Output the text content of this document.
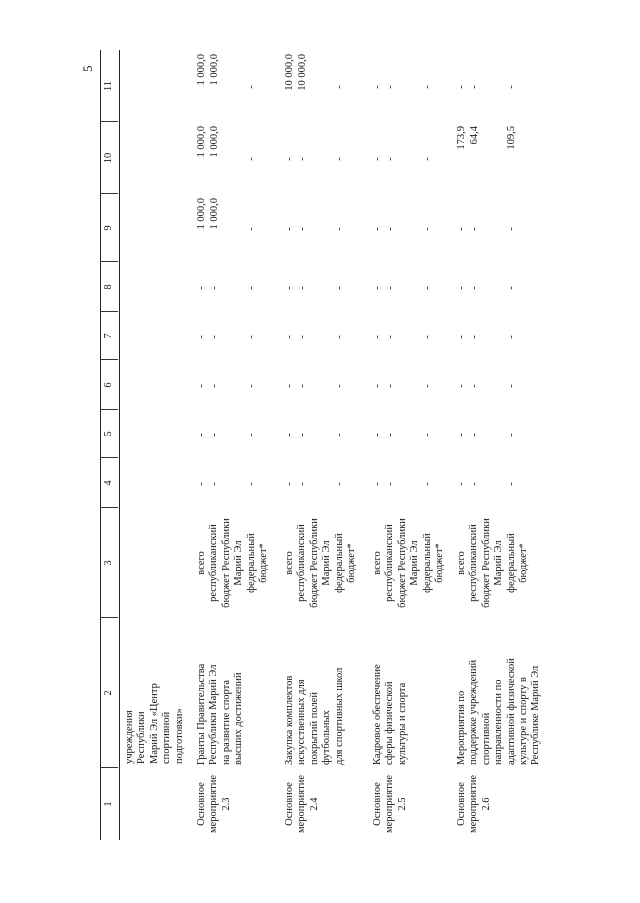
5
1
2
3
4
5
6
7
8
9
10
11
учреждения Республики Марий Эл «Центр спортивной подготовки»
Основное мероприятие 2.3
Гранты Правительства Республики Марий Эл на развитие спорта высших достижений
всего республиканский бюджет Республики Марий Эл федеральный бюджет*
-
-
-
-
-
1 000,0
1 000,0
1 000,0
-
-
-
-
-
1 000,0
1 000,0
1 000,0
-
-
-
-
-
-
-
-
Основное мероприятие 2.4
Закупка комплектов искусственных для покрытий полей футбольных для спортивных школ
всего республиканский бюджет Республики Марий Эл федеральный бюджет*
-
-
-
-
-
-
-
10 000,0
-
-
-
-
-
-
-
10 000,0
-
-
-
-
-
-
-
-
Основное мероприятие 2.5
Кадровое обеспечение сферы физической культуры и спорта
всего республиканский бюджет Республики Марий Эл федеральный бюджет*
-
-
-
-
-
-
-
-
-
-
-
-
-
-
-
-
-
-
-
-
-
-
-
-
Основное мероприятие 2.6
Мероприятия по поддержке учреждений спортивной направленности по адаптивной физической культуре и спорту в Республике Марий Эл
всего республиканский бюджет Республики Марий Эл федеральный бюджет*
-
-
-
-
-
-
173,9
-
-
-
-
-
-
-
64,4
-
-
-
-
-
-
-
109,5
-
